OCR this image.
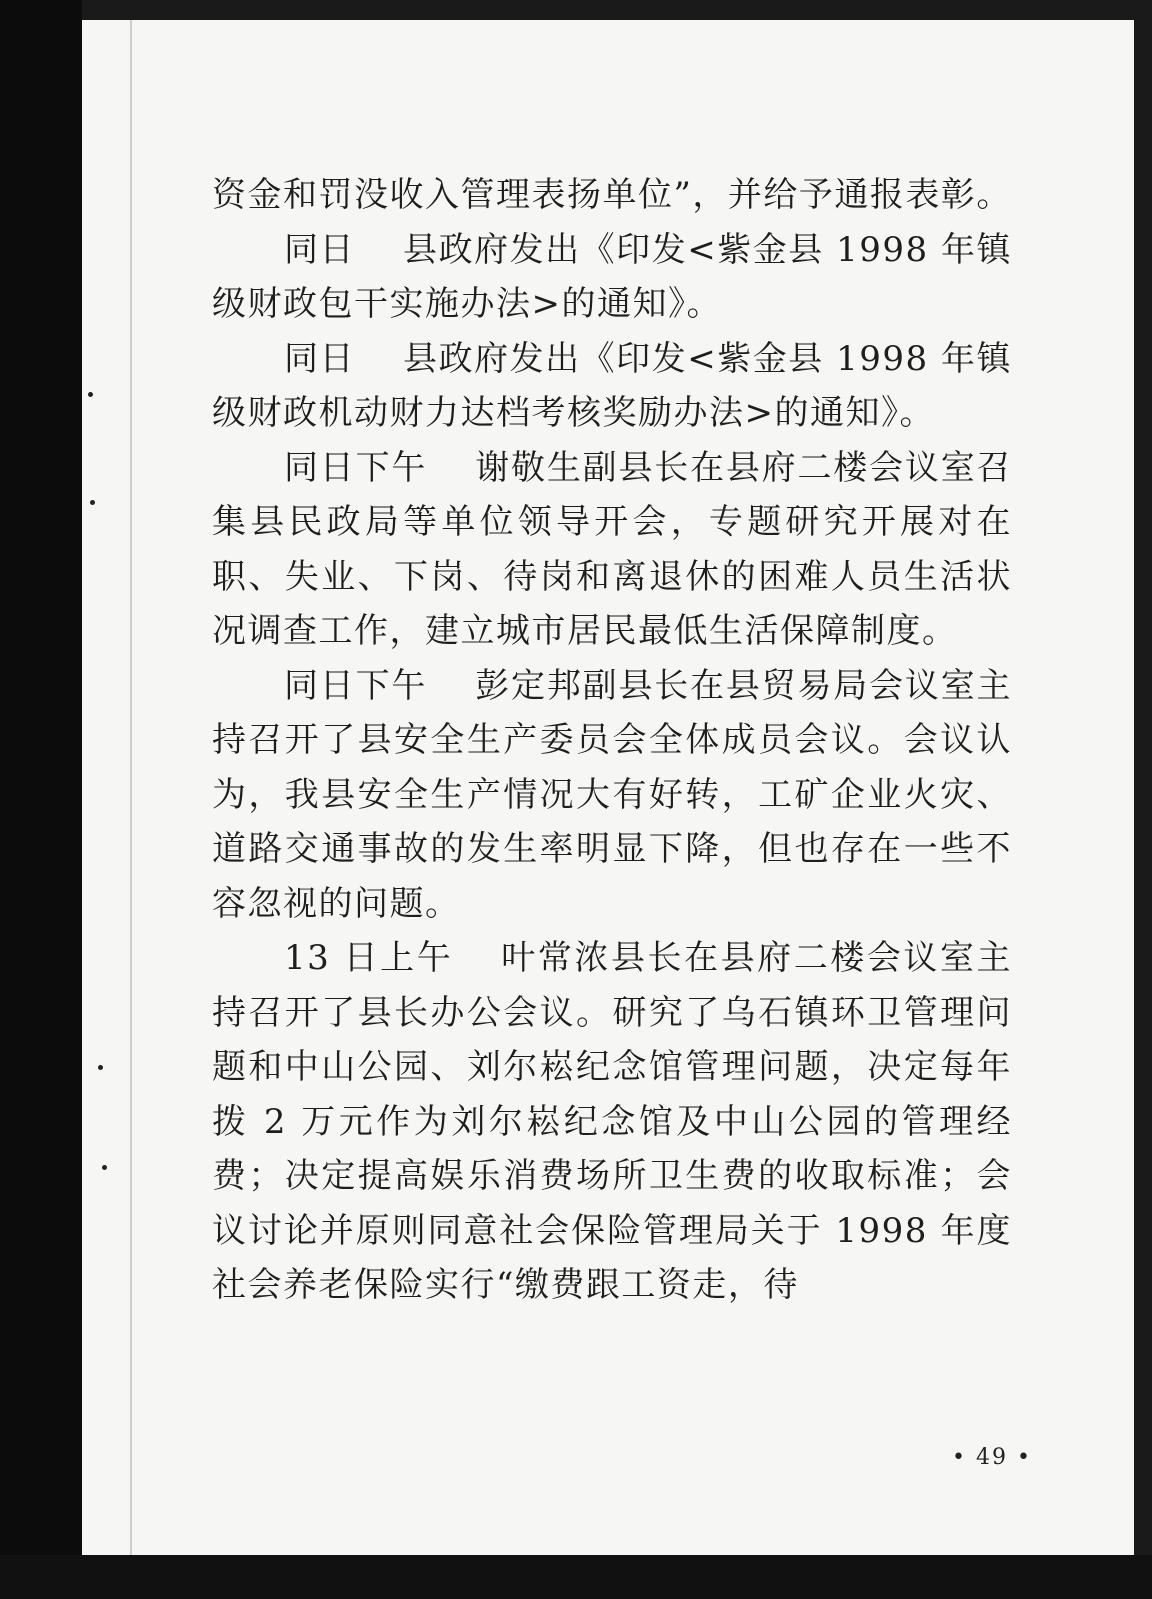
资金和罚没收入管理表扬单位”，并给予通报表彰。

同日 县政府发出《印发<紫金县 1998 年镇级财政包干实施办法>的通知》。

同日 县政府发出《印发<紫金县 1998 年镇级财政机动财力达档考核奖励办法>的通知》。

同日下午 谢敬生副县长在县府二楼会议室召集县民政局等单位领导开会，专题研究开展对在职、失业、下岗、待岗和离退休的困难人员生活状况调查工作，建立城市居民最低生活保障制度。

同日下午 彭定邦副县长在县贸易局会议室主持召开了县安全生产委员会全体成员会议。会议认为，我县安全生产情况大有好转，工矿企业火灾、道路交通事故的发生率明显下降，但也存在一些不容忽视的问题。

13 日上午 叶常浓县长在县府二楼会议室主持召开了县长办公会议。研究了乌石镇环卫管理问题和中山公园、刘尔崧纪念馆管理问题，决定每年拨 2 万元作为刘尔崧纪念馆及中山公园的管理经费；决定提高娱乐消费场所卫生费的收取标准；会议讨论并原则同意社会保险管理局关于 1998 年度社会养老保险实行“缴费跟工资走，待

• 49 •
